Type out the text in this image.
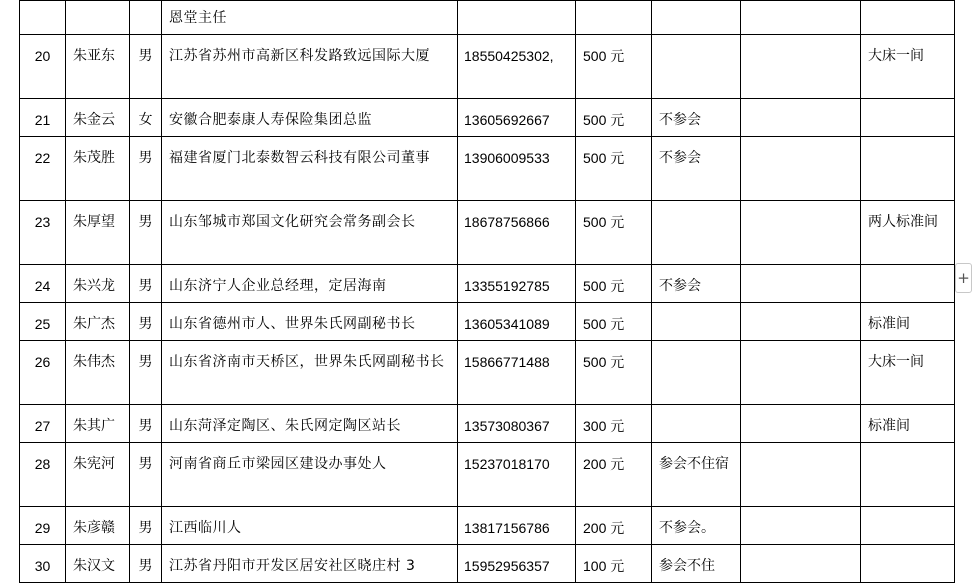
			恩堂主任					
20	朱亚东	男	江苏省苏州市高新区科发路致远国际大厦	18550425302,	500 元			大床一间
21	朱金云	女	安徽合肥泰康人寿保险集团总监	13605692667	500 元	不参会		
22	朱茂胜	男	福建省厦门北泰数智云科技有限公司董事	13906009533	500 元	不参会		
23	朱厚望	男	山东邹城市郑国文化研究会常务副会长	18678756866	500 元			两人标准间
24	朱兴龙	男	山东济宁人企业总经理，定居海南	13355192785	500 元	不参会		
25	朱广杰	男	山东省德州市人、世界朱氏网副秘书长	13605341089	500 元			标准间
26	朱伟杰	男	山东省济南市天桥区，世界朱氏网副秘书长	15866771488	500 元			大床一间
27	朱其广	男	山东菏泽定陶区、朱氏网定陶区站长	13573080367	300 元			标准间
28	朱宪河	男	河南省商丘市梁园区建设办事处人	15237018170	200 元	参会不住宿		
29	朱彦赣	男	江西临川人	13817156786	200 元	不参会。		
30	朱汉文	男	江苏省丹阳市开发区居安社区晓庄村 3	15952956357	100 元	参会不住		
+
